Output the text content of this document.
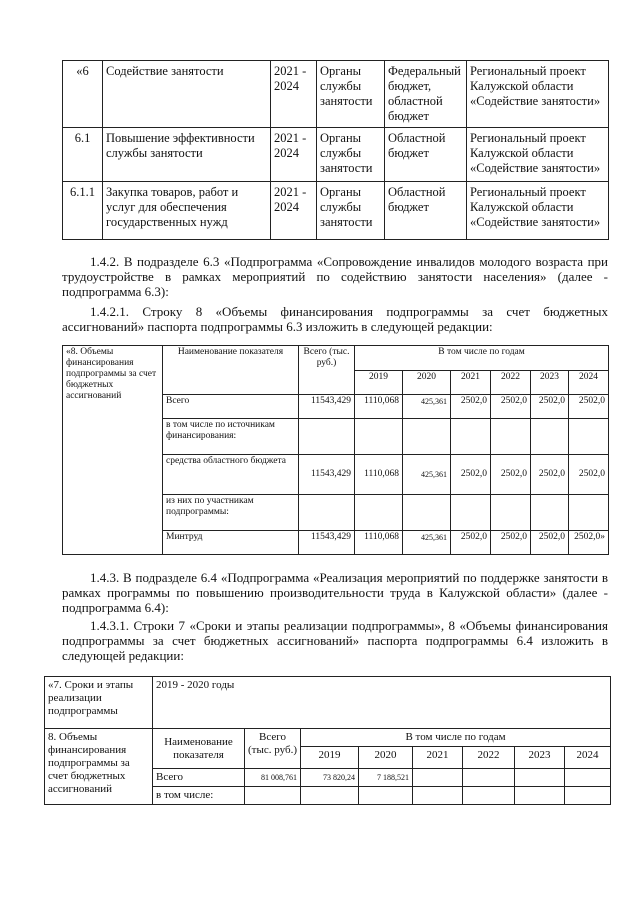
«6	Содействие занятости	2021 - 2024	Органы службы занятости	Федеральный бюджет, областной бюджет	Региональный проект Калужской области «Содействие занятости»
6.1	Повышение эффективности службы занятости	2021 - 2024	Органы службы занятости	Областной бюджет	Региональный проект Калужской области «Содействие занятости»
6.1.1	Закупка товаров, работ и услуг для обеспечения государственных нужд	2021 - 2024	Органы службы занятости	Областной бюджет	Региональный проект Калужской области «Содействие занятости»

1.4.2. В подразделе 6.3 «Подпрограмма «Сопровождение инвалидов молодого возраста при трудоустройстве в рамках мероприятий по содействию занятости населения» (далее - подпрограмма 6.3):

1.4.2.1. Строку 8 «Объемы финансирования подпрограммы за счет бюджетных ассигнований» паспорта подпрограммы 6.3 изложить в следующей редакции:

«8. Объемы финансирования подпрограммы за счет бюджетных ассигнований	Наименование показателя	Всего (тыс. руб.)	В том числе по годам					
			2019	2020	2021	2022	2023	2024
	Всего	11543,429	1110,068	425,361	2502,0	2502,0	2502,0	2502,0
	в том числе по источникам финансирования:							
	средства областного бюджета	11543,429	1110,068	425,361	2502,0	2502,0	2502,0	2502,0
	из них по участникам подпрограммы:							
	Минтруд	11543,429	1110,068	425,361	2502,0	2502,0	2502,0	2502,0»

1.4.3. В подразделе 6.4 «Подпрограмма «Реализация мероприятий по поддержке занятости в рамках программы по повышению производительности труда в Калужской области» (далее - подпрограмма 6.4):

1.4.3.1. Строки 7 «Сроки и этапы реализации подпрограммы», 8 «Объемы финансирования подпрограммы за счет бюджетных ассигнований» паспорта подпрограммы 6.4 изложить в следующей редакции:

«7. Сроки и этапы реализации подпрограммы	2019 - 2020 годы							
8. Объемы финансирования подпрограммы за счет бюджетных ассигнований	Наименование показателя	Всего (тыс. руб.)	В том числе по годам					
			2019	2020	2021	2022	2023	2024
	Всего	81 008,761	73 820,24	7 188,521				
	в том числе:							
